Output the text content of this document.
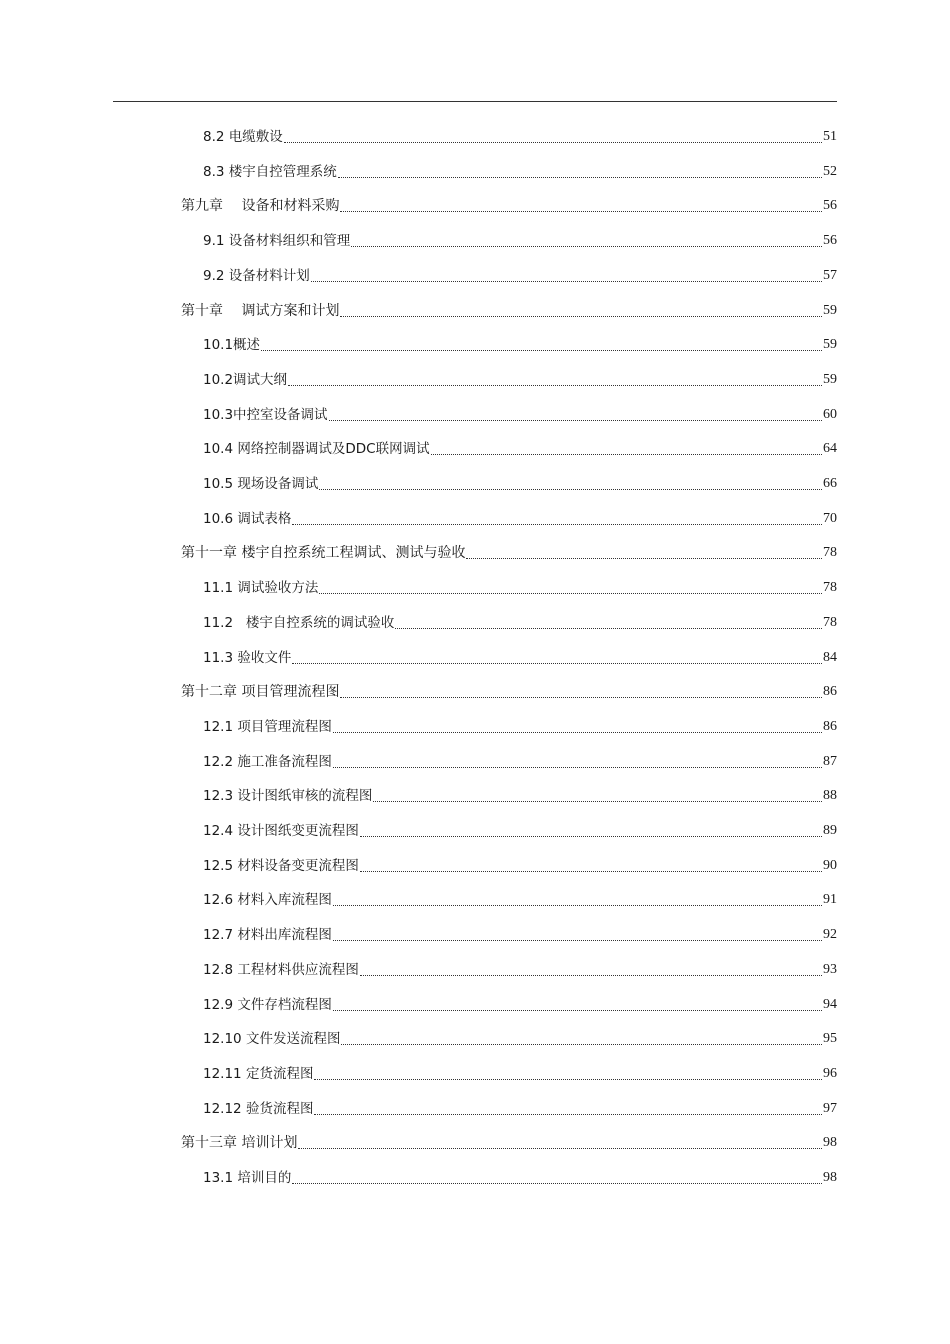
8.2 电缆敷设	51
8.3 楼宇自控管理系统	52
第九章　 设备和材料采购	56
9.1 设备材料组织和管理	56
9.2 设备材料计划	57
第十章　 调试方案和计划	59
10.1概述	59
10.2调试大纲	59
10.3中控室设备调试	60
10.4 网络控制器调试及DDC联网调试	64
10.5 现场设备调试	66
10.6 调试表格	70
第十一章 楼宇自控系统工程调试、测试与验收	78
11.1 调试验收方法	78
11.2   楼宇自控系统的调试验收	78
11.3 验收文件	84
第十二章 项目管理流程图	86
12.1 项目管理流程图	86
12.2 施工准备流程图	87
12.3 设计图纸审核的流程图	88
12.4 设计图纸变更流程图	89
12.5 材料设备变更流程图	90
12.6 材料入库流程图	91
12.7 材料出库流程图	92
12.8 工程材料供应流程图	93
12.9 文件存档流程图	94
12.10 文件发送流程图	95
12.11 定货流程图	96
12.12 验货流程图	97
第十三章 培训计划	98
13.1 培训目的	98
